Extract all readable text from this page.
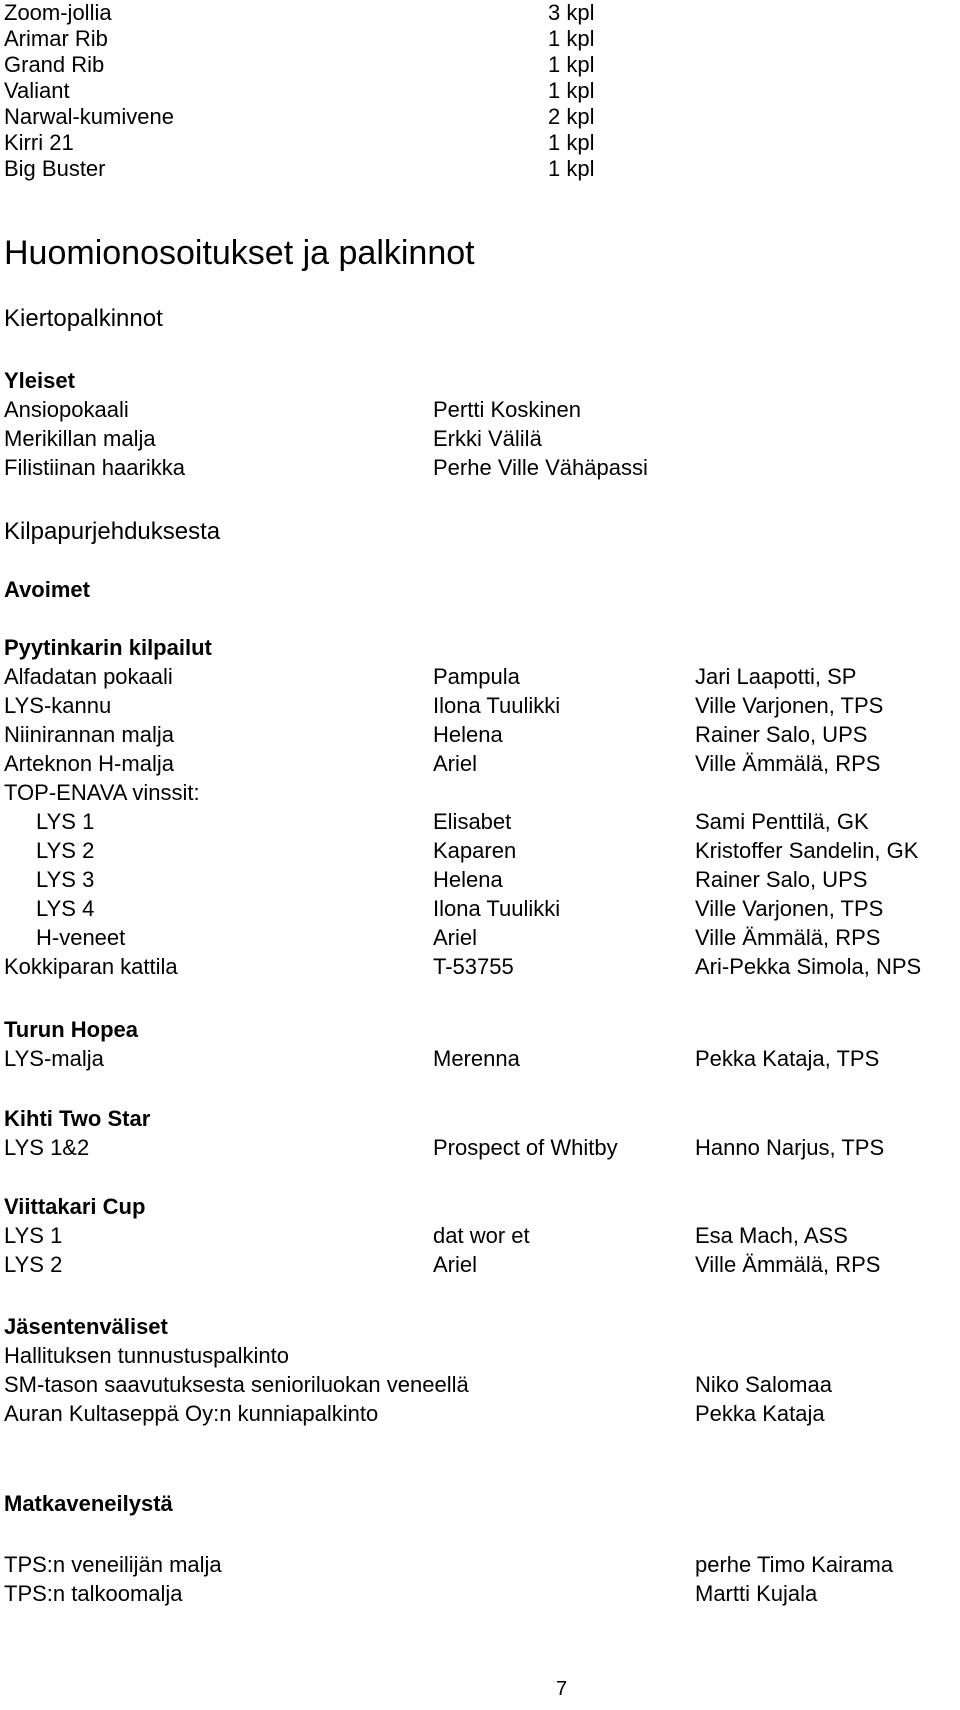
Zoom-jollia	3 kpl
Arimar Rib	1 kpl
Grand Rib	1 kpl
Valiant	1 kpl
Narwal-kumivene	2 kpl
Kirri 21	1 kpl
Big Buster	1 kpl
Huomionosoitukset ja palkinnot
Kiertopalkinnot
Yleiset
Ansiopokaali	Pertti Koskinen
Merikillan malja	Erkki Välilä
Filistiinan haarikka	Perhe Ville Vähäpassi
Kilpapurjehduksesta
Avoimet
Pyytinkarin kilpailut
Alfadatan pokaali	Pampula	Jari Laapotti, SP
LYS-kannu	Ilona Tuulikki	Ville Varjonen, TPS
Niinirannan malja	Helena	Rainer Salo, UPS
Arteknon H-malja	Ariel	Ville Ämmälä, RPS
TOP-ENAVA vinssit:
LYS 1	Elisabet	Sami Penttilä, GK
LYS 2	Kaparen	Kristoffer Sandelin, GK
LYS 3	Helena	Rainer Salo, UPS
LYS 4	Ilona Tuulikki	Ville Varjonen, TPS
H-veneet	Ariel	Ville Ämmälä, RPS
Kokkiparan kattila	T-53755	Ari-Pekka Simola, NPS
Turun Hopea
LYS-malja	Merenna	Pekka Kataja, TPS
Kihti Two Star
LYS 1&2	Prospect of Whitby	Hanno Narjus, TPS
Viittakari Cup
LYS 1	dat wor et	Esa Mach, ASS
LYS 2	Ariel	Ville Ämmälä, RPS
Jäsentenväliset
Hallituksen tunnustuspalkinto
SM-tason saavutuksesta senioriluokan veneellä	Niko Salomaa
Auran Kultaseppä Oy:n kunniapalkinto	Pekka Kataja
Matkaveneilystä
TPS:n veneilijän malja	perhe Timo Kairama
TPS:n talkoomalja	Martti Kujala
7
